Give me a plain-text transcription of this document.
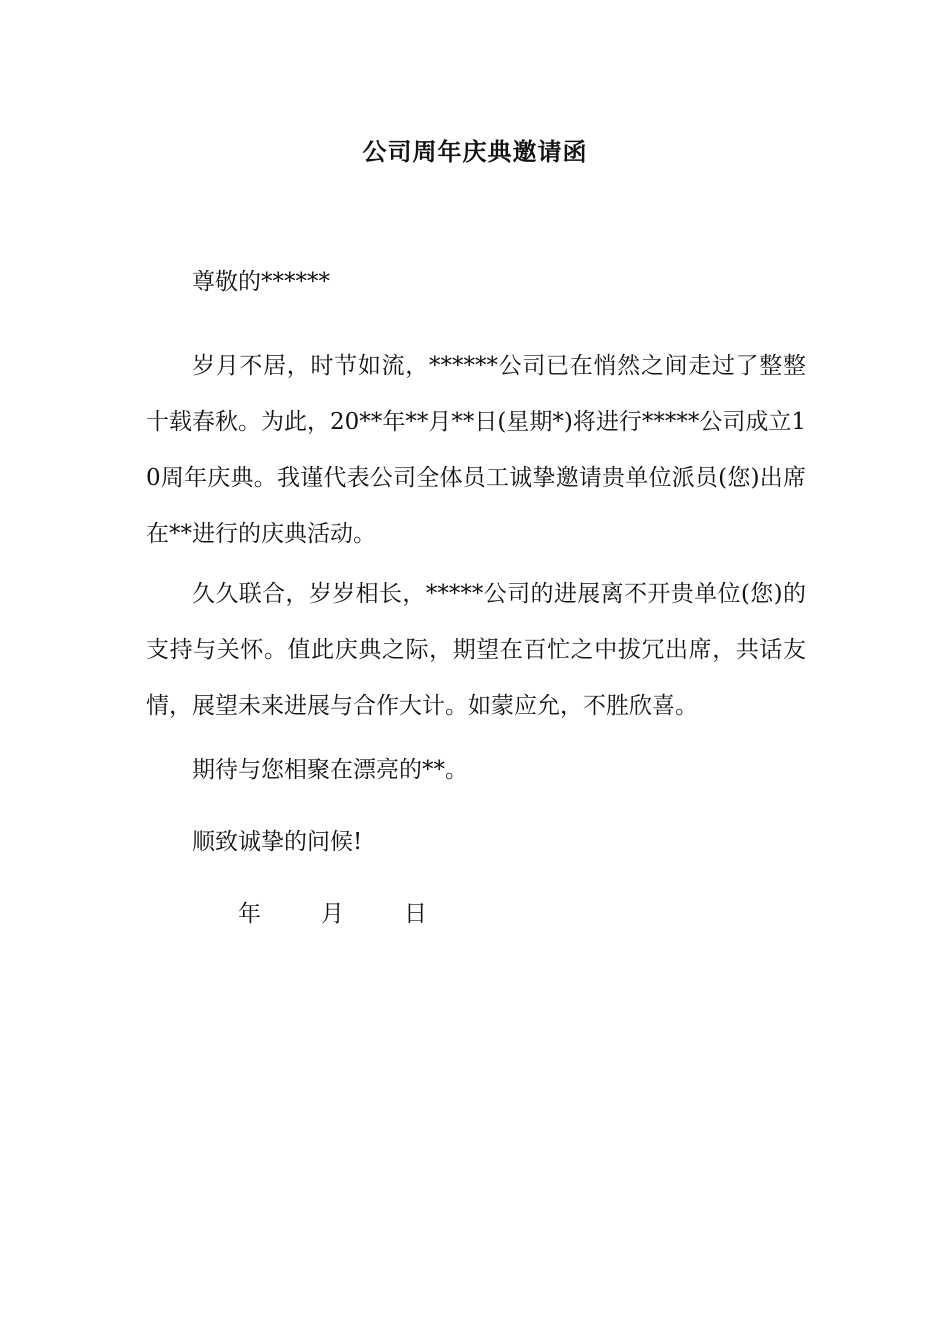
公司周年庆典邀请函

尊敬的******

岁月不居，时节如流，******公司已在悄然之间走过了整整十载春秋。为此，20**年**月**日(星期*)将进行*****公司成立10周年庆典。我谨代表公司全体员工诚挚邀请贵单位派员(您)出席在**进行的庆典活动。

久久联合，岁岁相长，*****公司的进展离不开贵单位(您)的支持与关怀。值此庆典之际，期望在百忙之中拔冗出席，共话友情，展望未来进展与合作大计。如蒙应允，不胜欣喜。

期待与您相聚在漂亮的**。

顺致诚挚的问候!

年	月	日
